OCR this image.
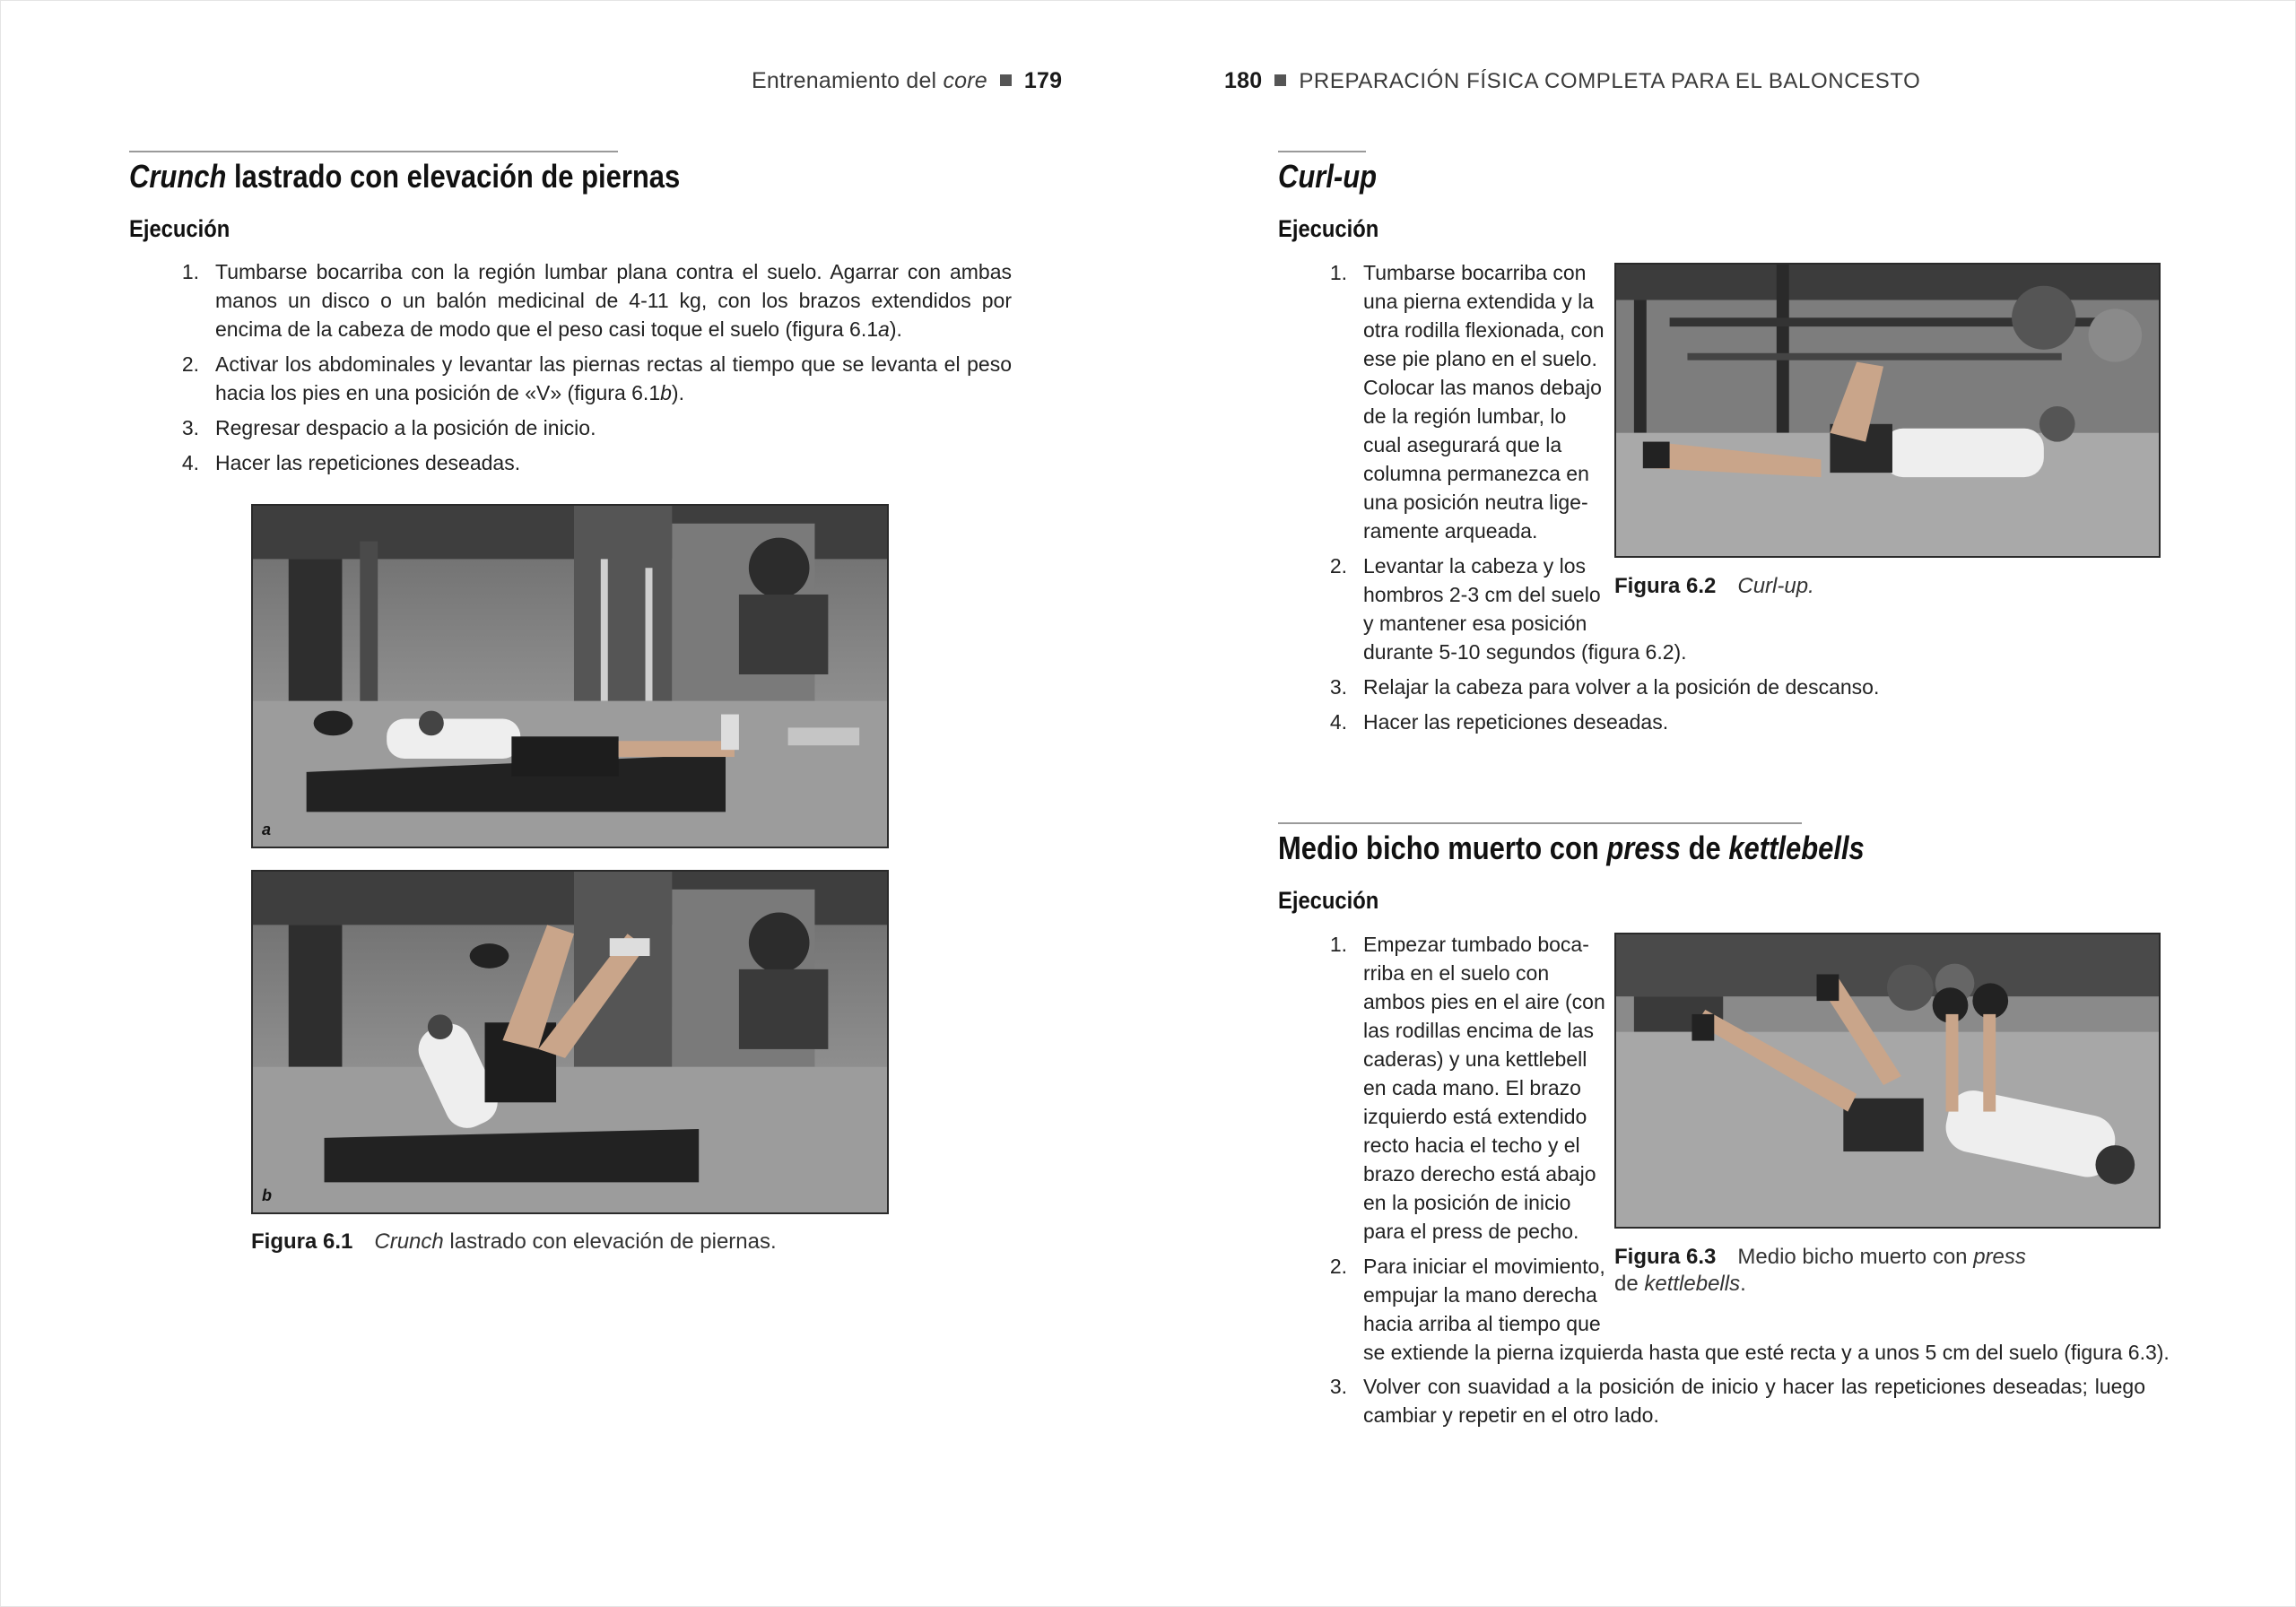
Entrenamiento del core 179
Crunch lastrado con elevación de piernas
Ejecución
1. Tumbarse bocarriba con la región lumbar plana contra el suelo. Agarrar con ambas manos un disco o un balón medicinal de 4-11 kg, con los brazos extendidos por encima de la cabeza de modo que el peso casi toque el suelo (figura 6.1a).
2. Activar los abdominales y levantar las piernas rectas al tiempo que se levanta el peso hacia los pies en una posición de «V» (figura 6.1b).
3. Regresar despacio a la posición de inicio.
4. Hacer las repeticiones deseadas.
a
b
Figura 6.1 Crunch lastrado con elevación de piernas.
180 PREPARACIÓN FÍSICA COMPLETA PARA EL BALONCESTO
Curl-up
Ejecución
1. Tumbarse bocarriba con
una pierna extendida y la
otra rodilla flexionada, con
ese pie plano en el suelo.
Colocar las manos debajo
de la región lumbar, lo
cual asegurará que la
columna permanezca en
una posición neutra lige-
ramente arqueada.
2. Levantar la cabeza y los
hombros 2-3 cm del suelo
y mantener esa posición
durante 5-10 segundos (figura 6.2).
3. Relajar la cabeza para volver a la posición de descanso.
4. Hacer las repeticiones deseadas.
Figura 6.2 Curl-up.
Medio bicho muerto con press de kettlebells
Ejecución
1. Empezar tumbado boca-
rriba en el suelo con
ambos pies en el aire (con
las rodillas encima de las
caderas) y una kettlebell
en cada mano. El brazo
izquierdo está extendido
recto hacia el techo y el
brazo derecho está abajo
en la posición de inicio
para el press de pecho.
2. Para iniciar el movimiento,
empujar la mano derecha
hacia arriba al tiempo que
se extiende la pierna izquierda hasta que esté recta y a unos 5 cm del suelo (figura 6.3).
3. Volver con suavidad a la posición de inicio y hacer las repeticiones deseadas; luego cambiar y repetir en el otro lado.
Figura 6.3 Medio bicho muerto con press
de kettlebells.
